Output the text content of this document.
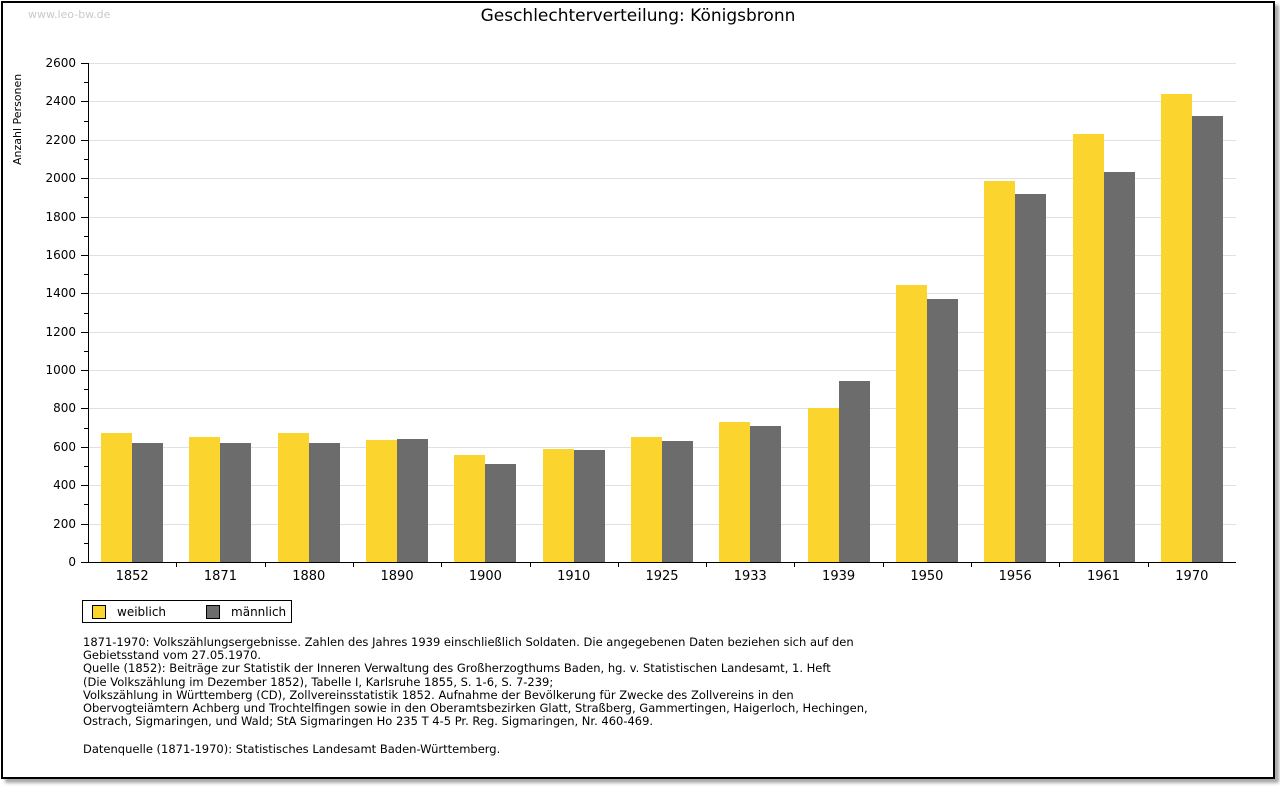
www.leo-bw.de	Geschlechterverteilung: Königsbronn
Anzahl Personen
0
200
400
600
800
1000
1200
1400
1600
1800
2000
2200
2400
2600
1852	1871	1880	1890	1900	1910	1925	1933	1939	1950	1956	1961	1970
weiblich	männlich
1871-1970: Volkszählungsergebnisse. Zahlen des Jahres 1939 einschließlich Soldaten. Die angegebenen Daten beziehen sich auf den
Gebietsstand vom 27.05.1970.
Quelle (1852): Beiträge zur Statistik der Inneren Verwaltung des Großherzogthums Baden, hg. v. Statistischen Landesamt, 1. Heft
(Die Volkszählung im Dezember 1852), Tabelle I, Karlsruhe 1855, S. 1-6, S. 7-239;
Volkszählung in Württemberg (CD), Zollvereinsstatistik 1852. Aufnahme der Bevölkerung für Zwecke des Zollvereins in den
Obervogteiämtern Achberg und Trochtelfingen sowie in den Oberamtsbezirken Glatt, Straßberg, Gammertingen, Haigerloch, Hechingen,
Ostrach, Sigmaringen, und Wald; StA Sigmaringen Ho 235 T 4-5 Pr. Reg. Sigmaringen, Nr. 460-469.
Datenquelle (1871-1970): Statistisches Landesamt Baden-Württemberg.
